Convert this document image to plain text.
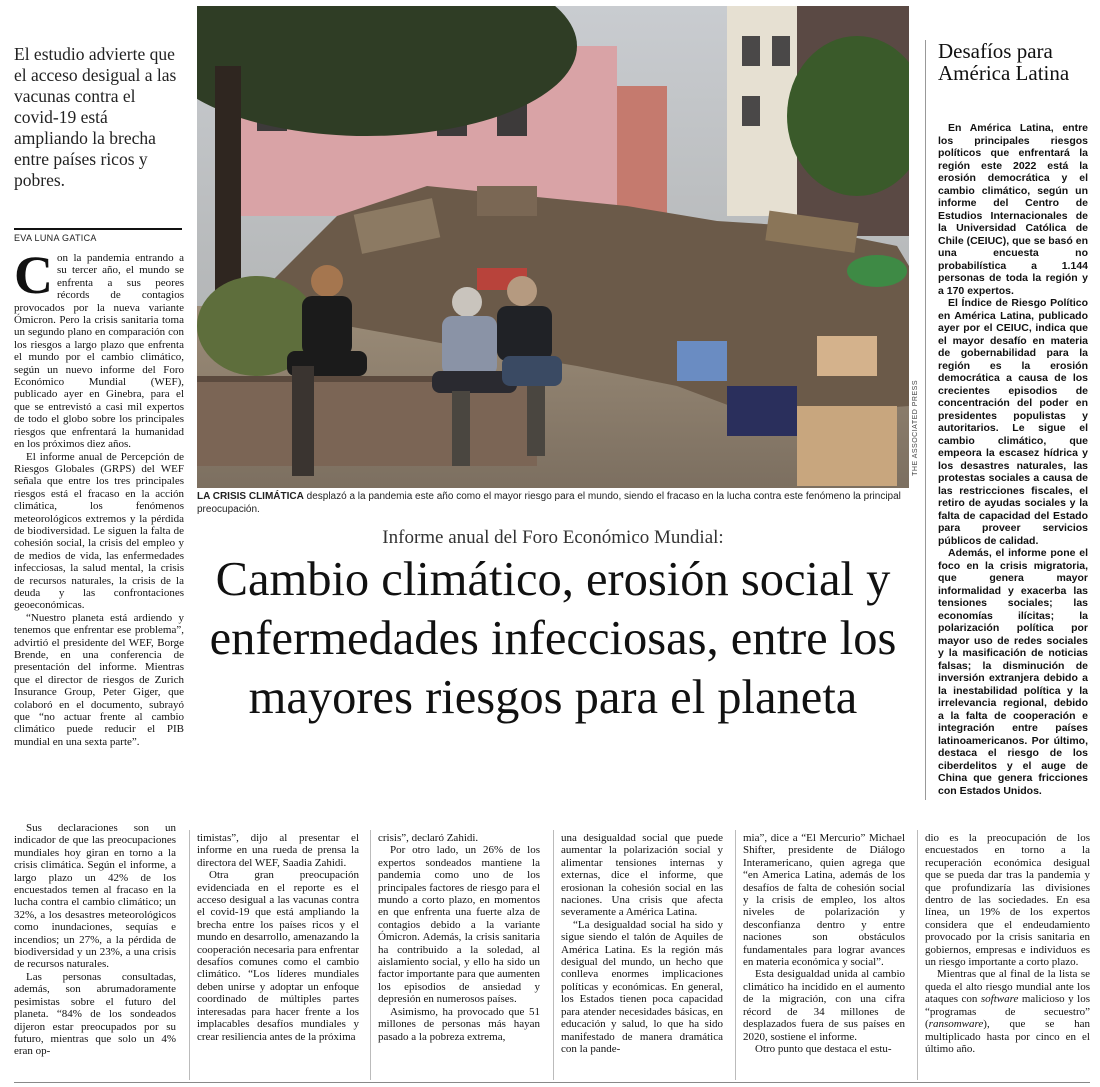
El estudio advierte que el acceso desigual a las vacunas contra el covid-19 está ampliando la brecha entre países ricos y pobres.
EVA LUNA GATICA
C on la pandemia entrando a su tercer año, el mundo se enfrenta a sus peores récords de contagios provocados por la nueva variante Ómicron. Pero la crisis sanitaria toma un segundo plano en comparación con los riesgos a largo plazo que enfrenta el mundo por el cambio climático, según un nuevo informe del Foro Económico Mundial (WEF), publicado ayer en Ginebra, para el que se entrevistó a casi mil expertos de todo el globo sobre los principales riesgos que enfrentará la humanidad en los próximos diez años.

El informe anual de Percepción de Riesgos Globales (GRPS) del WEF señala que entre los tres principales riesgos está el fracaso en la acción climática, los fenómenos meteorológicos extremos y la pérdida de biodiversidad. Le siguen la falta de cohesión social, la crisis del empleo y de medios de vida, las enfermedades infecciosas, la salud mental, la crisis de recursos naturales, la crisis de la deuda y las confrontaciones geoeconómicas.

“Nuestro planeta está ardiendo y tenemos que enfrentar ese problema”, advirtió el presidente del WEF, Borge Brende, en una conferencia de presentación del informe. Mientras que el director de riesgos de Zurich Insurance Group, Peter Giger, que colaboró en el documento, subrayó que “no actuar frente al cambio climático puede reducir el PIB mundial en una sexta parte”.

THE ASSOCIATED PRESS
LA CRISIS CLIMÁTICA desplazó a la pandemia este año como el mayor riesgo para el mundo, siendo el fracaso en la lucha contra este fenómeno la principal preocupación.
Informe anual del Foro Económico Mundial:
Cambio climático, erosión social y enfermedades infecciosas, entre los mayores riesgos para el planeta
Desafíos para América Latina

En América Latina, entre los principales riesgos políticos que enfrentará la región este 2022 está la erosión democrática y el cambio climático, según un informe del Centro de Estudios Internacionales de la Universidad Católica de Chile (CEIUC), que se basó en una encuesta no probabilística a 1.144 personas de toda la región y a 170 expertos.

El Índice de Riesgo Político en América Latina, publicado ayer por el CEIUC, indica que el mayor desafío en materia de gobernabilidad para la región es la erosión democrática a causa de los crecientes episodios de concentración del poder en presidentes populistas y autoritarios. Le sigue el cambio climático, que empeora la escasez hídrica y los desastres naturales, las protestas sociales a causa de las restricciones fiscales, el retiro de ayudas sociales y la falta de capacidad del Estado para proveer servicios públicos de calidad.

Además, el informe pone el foco en la crisis migratoria, que genera mayor informalidad y exacerba las tensiones sociales; las economías ilícitas; la polarización política por mayor uso de redes sociales y la masificación de noticias falsas; la disminución de inversión extranjera debido a la inestabilidad política y la irrelevancia regional, debido a la falta de cooperación e integración entre países latinoamericanos. Por último, destaca el riesgo de los ciberdelitos y el auge de China que genera fricciones con Estados Unidos.

Sus declaraciones son un indicador de que las preocupaciones mundiales hoy giran en torno a la crisis climática. Según el informe, a largo plazo un 42% de los encuestados temen al fracaso en la lucha contra el cambio climático; un 32%, a los desastres meteorológicos como inundaciones, sequías e incendios; un 27%, a la pérdida de biodiversidad y un 23%, a una crisis de recursos naturales.

Las personas consultadas, además, son abrumadoramente pesimistas sobre el futuro del planeta. “84% de los sondeados dijeron estar preocupados por su futuro, mientras que solo un 4% eran op-

timistas”, dijo al presentar el informe en una rueda de prensa la directora del WEF, Saadia Zahidi.

Otra gran preocupación evidenciada en el reporte es el acceso desigual a las vacunas contra el covid-19 que está ampliando la brecha entre los países ricos y el mundo en desarrollo, amenazando la cooperación necesaria para enfrentar desafíos comunes como el cambio climático. “Los líderes mundiales deben unirse y adoptar un enfoque coordinado de múltiples partes interesadas para hacer frente a los implacables desafíos mundiales y crear resiliencia antes de la próxima

crisis”, declaró Zahidi.

Por otro lado, un 26% de los expertos sondeados mantiene la pandemia como uno de los principales factores de riesgo para el mundo a corto plazo, en momentos en que enfrenta una fuerte alza de contagios debido a la variante Ómicron. Además, la crisis sanitaria ha contribuido a la soledad, al aislamiento social, y ello ha sido un factor importante para que aumenten los episodios de ansiedad y depresión en numerosos países.

Asimismo, ha provocado que 51 millones de personas más hayan pasado a la pobreza extrema,

una desigualdad social que puede aumentar la polarización social y alimentar tensiones internas y externas, dice el informe, que erosionan la cohesión social en las naciones. Una crisis que afecta severamente a América Latina.

“La desigualdad social ha sido y sigue siendo el talón de Aquiles de América Latina. Es la región más desigual del mundo, un hecho que conlleva enormes implicaciones políticas y económicas. En general, los Estados tienen poca capacidad para atender necesidades básicas, en educación y salud, lo que ha sido manifestado de manera dramática con la pande-

mia”, dice a “El Mercurio” Michael Shifter, presidente de Diálogo Interamericano, quien agrega que “en America Latina, además de los desafíos de falta de cohesión social y la crisis de empleo, los altos niveles de polarización y desconfianza dentro y entre naciones son obstáculos fundamentales para lograr avances en materia económica y social”.

Esta desigualdad unida al cambio climático ha incidido en el aumento de la migración, con una cifra récord de 34 millones de desplazados fuera de sus países en 2020, sostiene el informe.

Otro punto que destaca el estu-

dio es la preocupación de los encuestados en torno a la recuperación económica desigual que se pueda dar tras la pandemia y que profundizaría las divisiones dentro de las sociedades. En esa línea, un 19% de los expertos considera que el endeudamiento provocado por la crisis sanitaria en gobiernos, empresas e individuos es un riesgo importante a corto plazo.

Mientras que al final de la lista se queda el alto riesgo mundial ante los ataques con software malicioso y los “programas de secuestro” (ransomware), que se han multiplicado hasta por cinco en el último año.
